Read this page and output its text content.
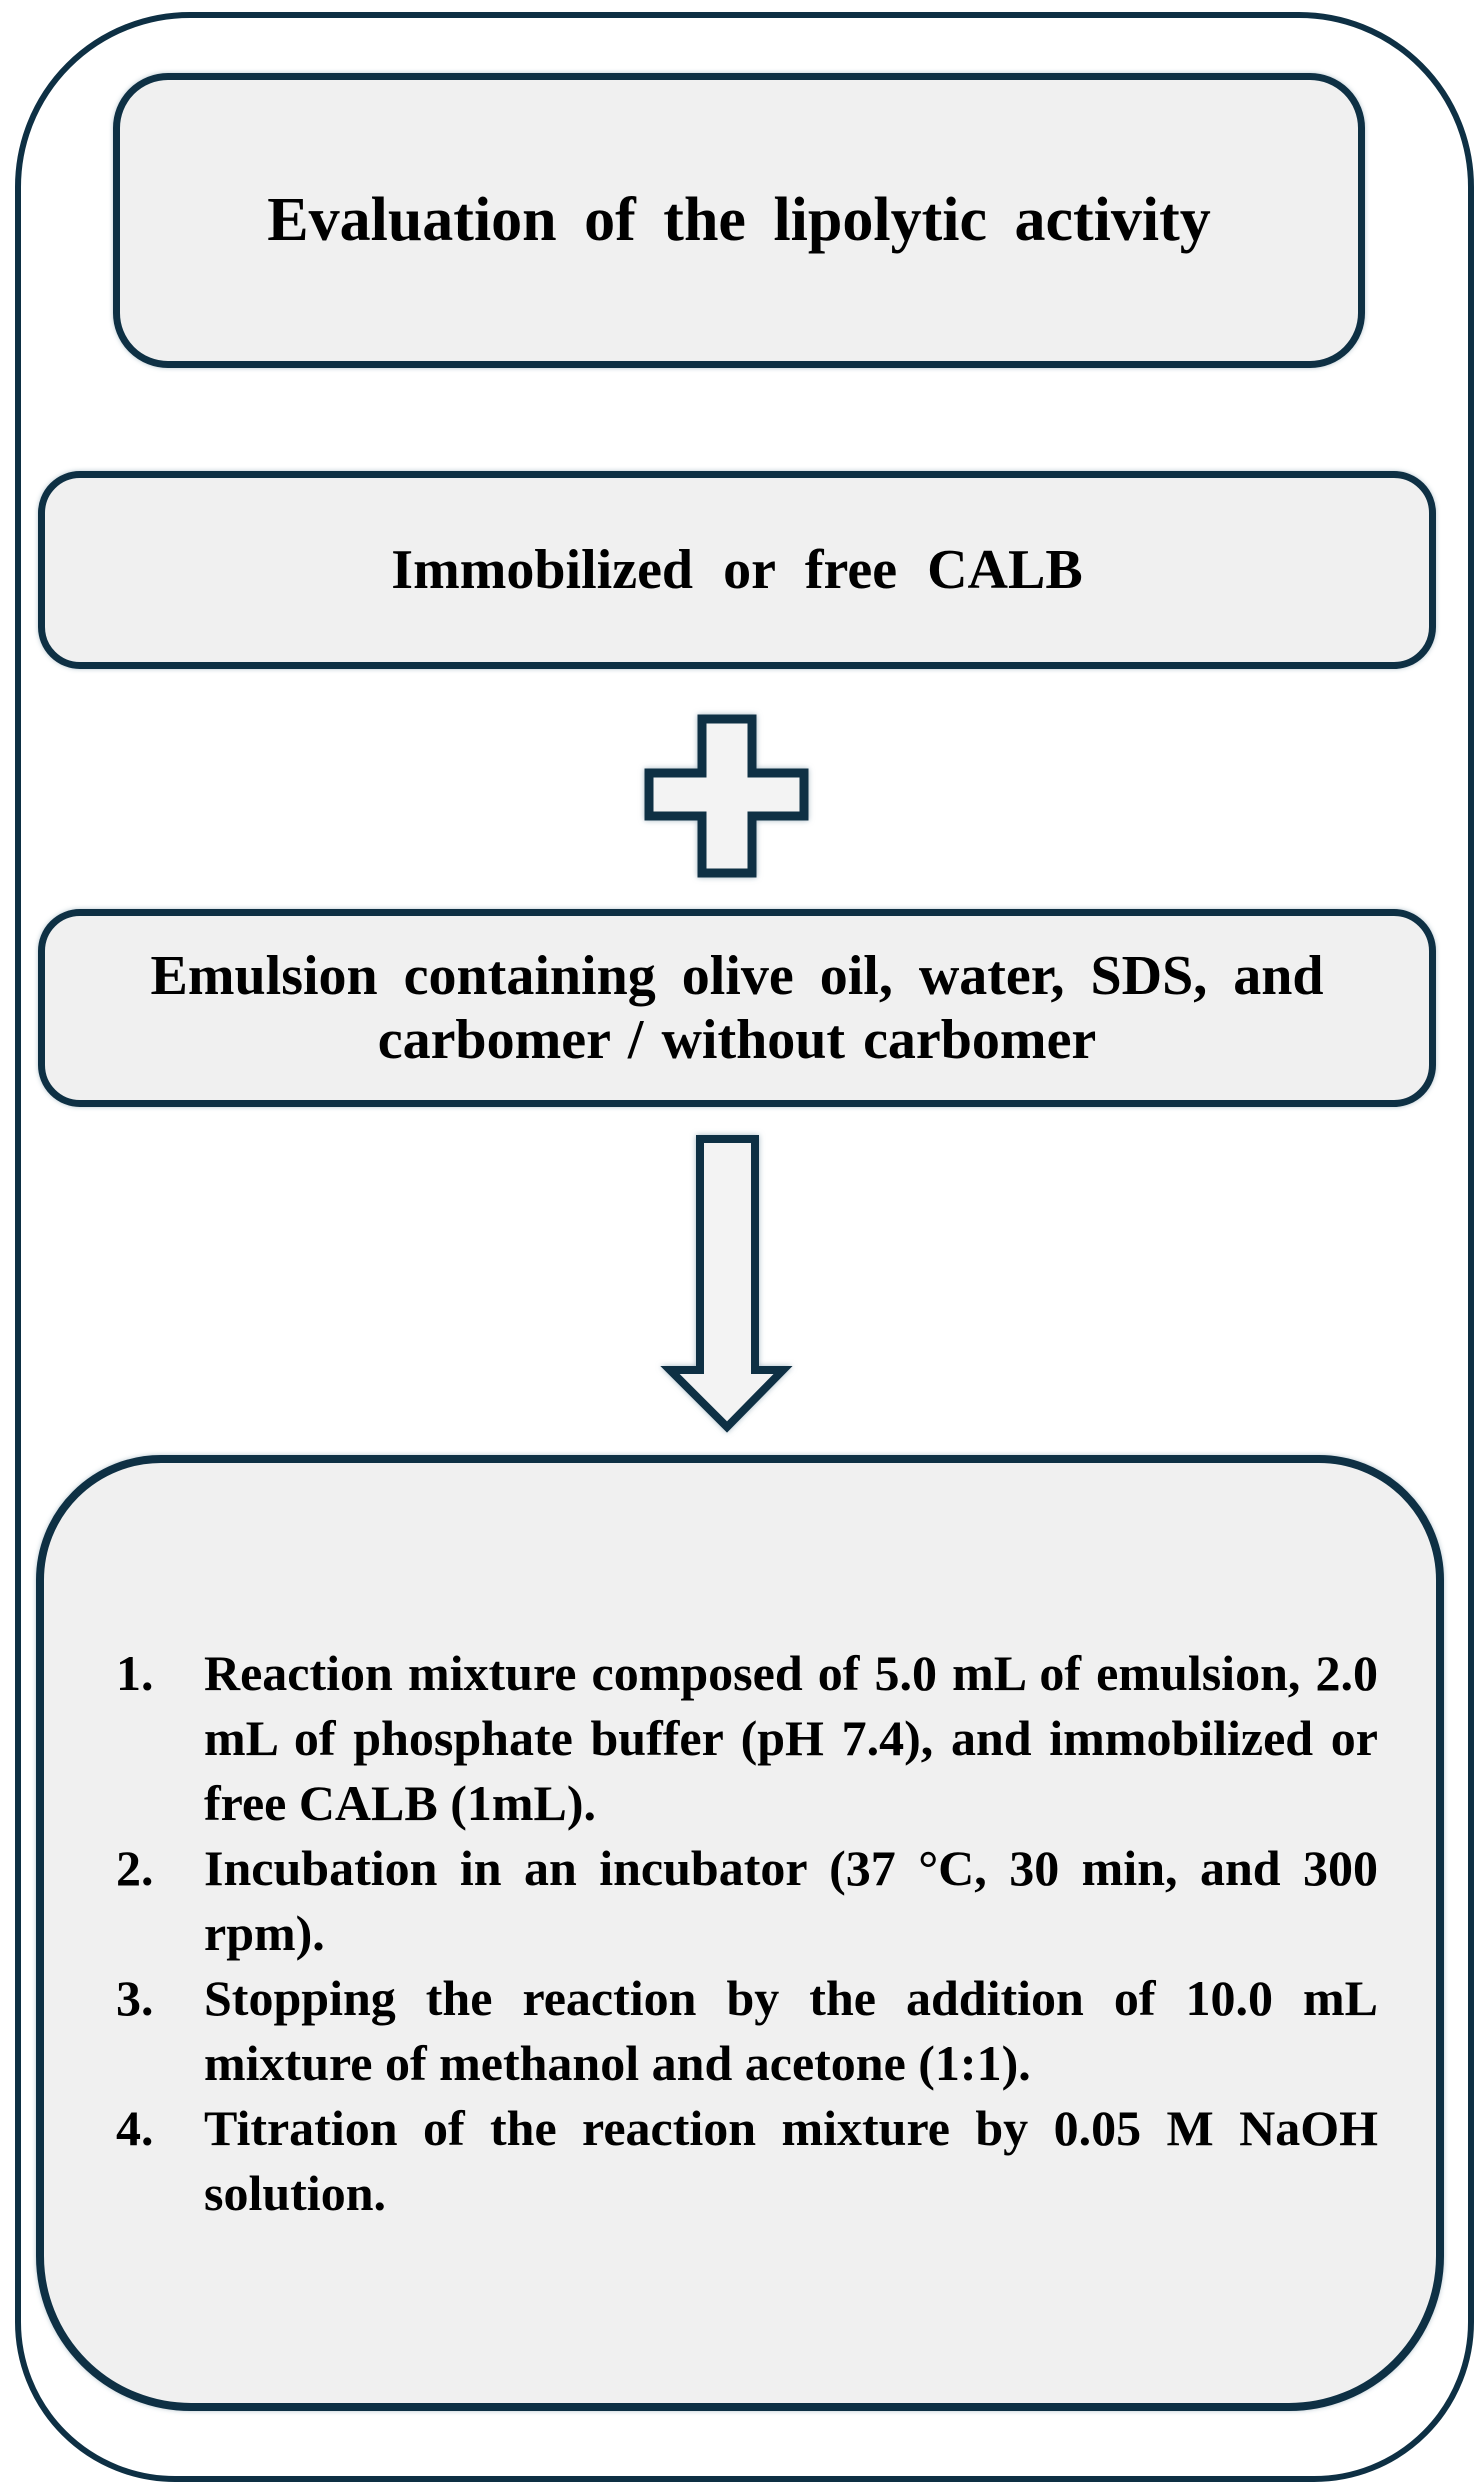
Evaluation of the lipolytic activity
Immobilized or free CALB
Emulsion containing olive oil, water, SDS, and
carbomer / without carbomer
1.	Reaction mixture composed of 5.0 mL of emulsion, 2.0 mL of phosphate buffer (pH 7.4), and immobilized or free CALB (1mL).
2.	Incubation in an incubator (37 °C, 30 min, and 300 rpm).
3.	Stopping the reaction by the addition of 10.0 mL mixture of methanol and acetone (1:1).
4.	Titration of the reaction mixture by 0.05 M NaOH solution.
